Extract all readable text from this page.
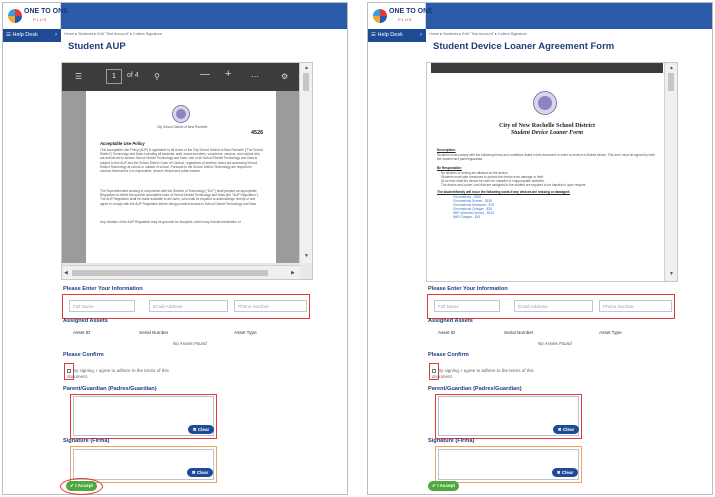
ONE TO ONE
PLUS
☰ Help Desk	› Home ▸ Students ▸ Edit "Test Account" ▸ Collect Signature
Student AUP
☰	1	of 4 ⚲	— + ⋯	⚙
City School District of New Rochelle
4526
Acceptable Use Policy
This Acceptable Use Policy (AUP) is applicable to all Users of the City School District of New Rochelle ("The School District") Technology and Data, including all students, staff, board members, volunteers, vendors, and visitors who are authorized to access School District Technology and Data. Use of all School District Technology and Data is subject to this AUP and the School District Code of Conduct, regardless of whether Users are accessing School District Technology at school or outside of school. Pursuant to the School District Technology are required to conduct themselves in a responsible, decent, ethical and polite manner.
The Superintendent working in conjunction with the Director of Technology ("DoT") shall prepare an appropriate Regulation to define the specific acceptable uses of School District Technology and Data (the "AUP Regulation"). The AUP Regulation shall be made available to all Users, who shall be required to acknowledge receipt of and agree to comply with the AUP Regulation before being provided access to School District Technology and Data.
Any violation of the AUP Regulation may be grounds for discipline, which may include termination of
▲
▼
◀	▶
Please Enter Your Information
Full Name	Email Address	Phone Number
Assigned Assets
Asset ID	Serial Number	Asset Type
No Assets Found
Please Confirm
By signing, I agree to adhere to the terms of this document.
Parent/Guardian (Padres/Guardian)
✖ Clear
Signature (Firma)
ONE TO ONE
PLUS
☰ Help Desk	› Home ▸ Students ▸ Edit "Test Account" ▸ Collect Signature
Student Device Loaner Agreement Form
City of New Rochelle School District
Student Device Loaner Form
Description:
Students must comply with the following terms and conditions listed in this document in order to receive a District device. This form must be signed by both the student and parent/guardian.
Be Responsible:
No stickers or writing are allowed on the device
Students must take measures to protect the device from damage or theft
At no time shall the device be used for unlawful or inappropriate activities
The device and power cord that are assigned to the student are required to be handed in upon request
The student/family will incur the following costs if any devices are missing or damaged:
Chromebook - $300
Chromebook Screen - $150
Chromebook Keyboard - $75
Chromebook Charger - $35
iMiFi (Internet Device) - $100
iMiFi Charger - $15
▲
▼
Please Enter Your Information
Full Name	Email Address	Phone Number
Assigned Assets
Asset ID	Serial Number	Asset Type
No Assets Found
Please Confirm
By signing, I agree to adhere to the terms of this document.
Parent/Guardian (Padres/Guardian)
✖ Clear
Signature (Firma)
✖ Clear
✔ I Accept
✖ Clear
✔ I Accept
